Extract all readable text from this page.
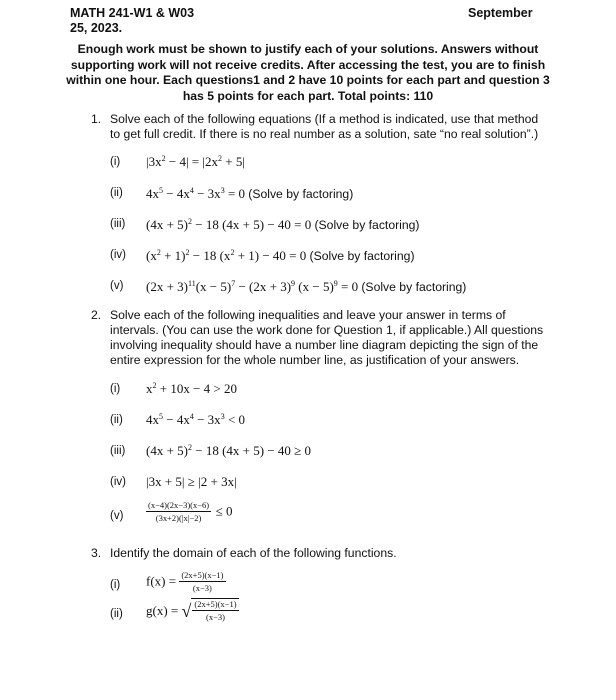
MATH 241-W1 & W03	September
25, 2023.
Enough work must be shown to justify each of your solutions. Answers without supporting work will not receive credits. After accessing the test, you are to finish within one hour. Each questions1 and 2 have 10 points for each part and question 3 has 5 points for each part. Total points: 110
1. Solve each of the following equations (If a method is indicated, use that method
to get full credit. If there is no real number as a solution, sate “no real solution”.)
(i) $|3x^2 - 4| = |2x^2 + 5|$
(ii) $4x^5 - 4x^4 - 3x^3 = 0$ (Solve by factoring)
(iii) $(4x + 5)^2 - 18$ (4x + 5) − 40 = 0 (Solve by factoring)
(iv) $(x^2 + 1)^2 - 18$ $(x^2 + 1) - 40 = 0$ (Solve by factoring)
(v) $(2x + 3)^{11}(x - 5)^7 - (2x + 3)^9$ $(x - 5)^9 = 0$ (Solve by factoring)
2. Solve each of the following inequalities and leave your answer in terms of
intervals. (You can use the work done for Question 1, if applicable.) All questions
involving inequality should have a number line diagram depicting the sign of the
entire expression for the whole number line, as justification of your answers.
(i) $x^2 + 10x - 4 > 20$
(ii) $4x^5 - 4x^4 - 3x^3 < 0$
(iii) $(4x + 5)^2 - 18$ (4x + 5) − 40 ≥ 0
(iv) |3x + 5| ≥ |2 + 3x|
(v)	$\frac{(x-4)(2x-3)(x-6)}{(3x+2)(|x|-2)} \le 0$
3. Identify the domain of each of the following functions.
(i) $f(x) = \frac{(2x+5)(x-1)}{(x-3)}$
(ii) g(x) = √ $\frac{(2x+5)(x-1)}{(x-3)}$
